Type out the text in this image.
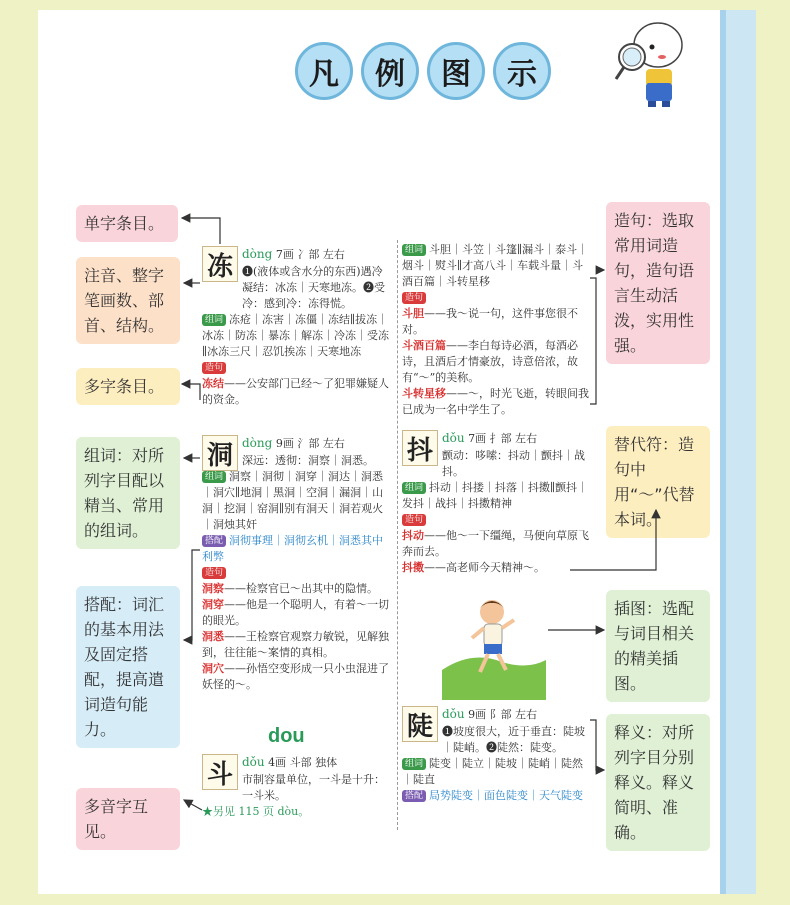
凡	例	图	示
单字条目。
注音、整字笔画数、部首、结构。
多字条目。
组词：对所列字目配以精当、常用的组词。
搭配：词汇的基本用法及固定搭配，提高遣词造句能力。
多音字互见。
造句：选取常用词造句，造句语言生动活泼，实用性强。
替代符：造句中用“～”代替本词。
插图：选配与词目相关的精美插图。
释义：对所列字目分别释义。释义简明、准确。
冻 dòng 7画 冫部 左右
❶(液体或含水分的东西)遇冷凝结：冰冻｜天寒地冻。❷受冷：感到冷：冻得慌。
组词 冻疮｜冻害｜冻僵｜冻结∥拔冻｜冰冻｜防冻｜暴冻｜解冻｜冷冻｜受冻∥冰冻三尺｜忍饥挨冻｜天寒地冻
造句
冻结——公安部门已经～了犯罪嫌疑人的资金。
洞 dòng 9画 氵部 左右
深远：透彻：洞察｜洞悉。
组词 洞察｜洞彻｜洞穿｜洞达｜洞悉｜洞穴∥地洞｜黑洞｜空洞｜漏洞｜山洞｜挖洞｜窑洞∥别有洞天｜洞若观火｜洞烛其奸
搭配 洞彻事理｜洞彻玄机｜洞悉其中利弊
造句
洞察——检察官已～出其中的隐情。
洞穿——他是一个聪明人，有着～一切的眼光。
洞悉——王检察官观察力敏锐，见解独到，往往能～案情的真相。
洞穴——孙悟空变形成一只小虫混进了妖怪的～。
dou
斗 dǒu 4画 斗部 独体
市制容量单位，一斗是十升：一斗米。
★另见 115 页 dòu。
组词 斗胆｜斗笠｜斗篷∥漏斗｜泰斗｜烟斗｜熨斗∥才高八斗｜车载斗量｜斗酒百篇｜斗转星移
造句
斗胆——我～说一句，这件事您很不对。
斗酒百篇——李白每诗必酒，每酒必诗，且酒后才情豪放，诗意倍浓，故有“～”的美称。
斗转星移——～，时光飞逝，转眼间我已成为一名中学生了。
抖 dǒu 7画 扌部 左右
颤动：哆嗦：抖动｜颤抖｜战抖。
组词 抖动｜抖搂｜抖落｜抖擞∥颤抖｜发抖｜战抖｜抖擞精神
造句
抖动——他～一下缰绳，马便向草原飞奔而去。
抖擞——高老师今天精神～。
陡 dǒu 9画 阝部 左右
❶坡度很大，近于垂直：陡坡｜陡峭。❷陡然：陡变。
组词 陡变｜陡立｜陡坡｜陡峭｜陡然｜陡直
搭配 局势陡变｜面色陡变｜天气陡变
